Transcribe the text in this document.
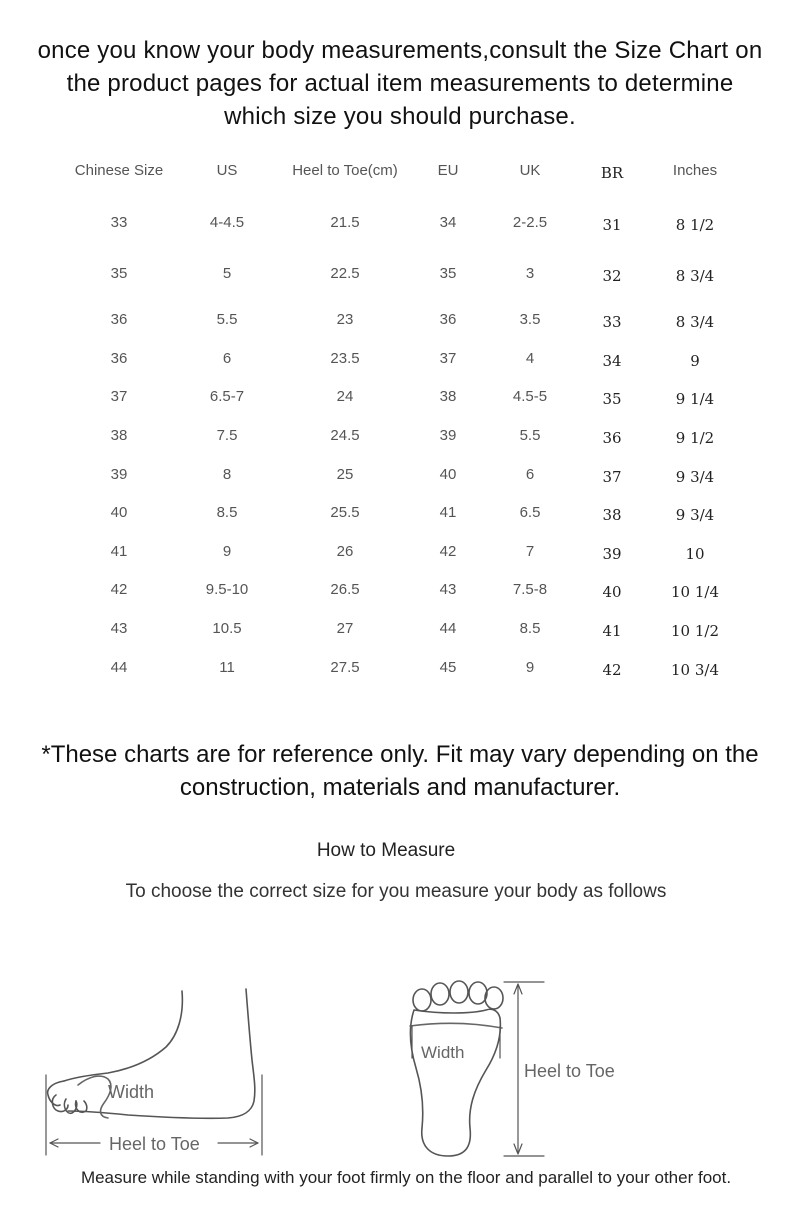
once you know your body measurements,consult the Size Chart on
the product pages for actual item measurements to determine
which size you should purchase.
Chinese Size	US	Heel to Toe(cm)	EU	UK	BR	Inches
33	4-4.5	21.5	34	2-2.5	31	8 1/2
35	5	22.5	35	3	32	8 3/4
36	5.5	23	36	3.5	33	8 3/4
36	6	23.5	37	4	34	9
37	6.5-7	24	38	4.5-5	35	9 1/4
38	7.5	24.5	39	5.5	36	9 1/2
39	8	25	40	6	37	9 3/4
40	8.5	25.5	41	6.5	38	9 3/4
41	9	26	42	7	39	10
42	9.5-10	26.5	43	7.5-8	40	10 1/4
43	10.5	27	44	8.5	41	10 1/2
44	11	27.5	45	9	42	10 3/4
*These charts are for reference only. Fit may vary depending on the
construction, materials and manufacturer.
How to Measure
To choose the correct size for you measure your body as follows
Width
Heel to Toe
Width
Heel to Toe
Measure while standing with your foot firmly on the floor and parallel to your other foot.
